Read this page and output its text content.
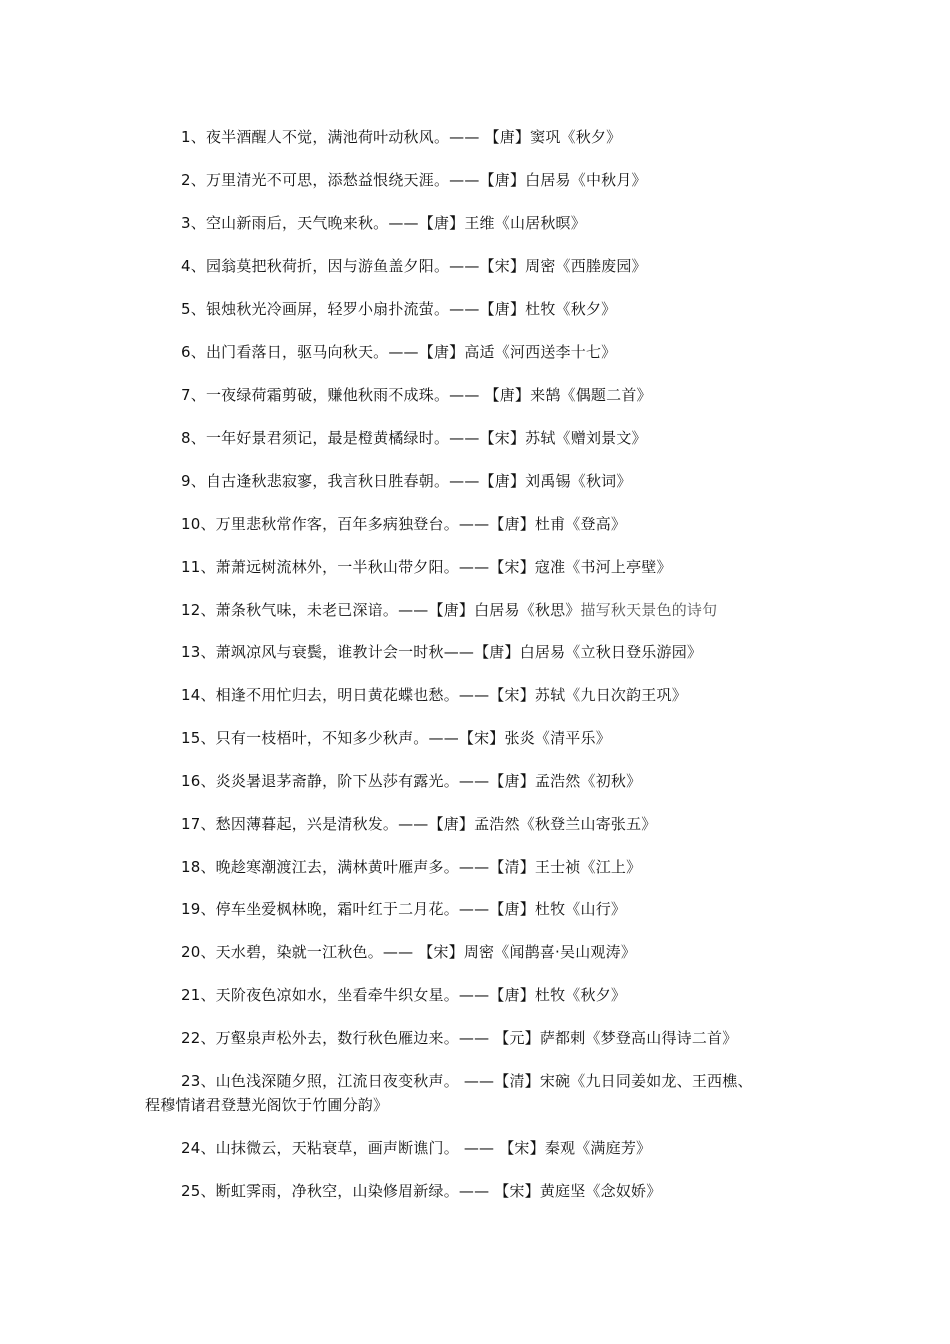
1、夜半酒醒人不觉，满池荷叶动秋风。—— 【唐】窦巩《秋夕》
2、万里清光不可思，添愁益恨绕天涯。——【唐】白居易《中秋月》
3、空山新雨后，天气晚来秋。——【唐】王维《山居秋暝》
4、园翁莫把秋荷折，因与游鱼盖夕阳。——【宋】周密《西塍废园》
5、银烛秋光冷画屏，轻罗小扇扑流萤。——【唐】杜牧《秋夕》
6、出门看落日，驱马向秋天。——【唐】高适《河西送李十七》
7、一夜绿荷霜剪破，赚他秋雨不成珠。—— 【唐】来鹄《偶题二首》
8、一年好景君须记，最是橙黄橘绿时。——【宋】苏轼《赠刘景文》
9、自古逢秋悲寂寥，我言秋日胜春朝。——【唐】刘禹锡《秋词》
10、万里悲秋常作客，百年多病独登台。——【唐】杜甫《登高》
11、萧萧远树流林外，一半秋山带夕阳。——【宋】寇准《书河上亭壁》
12、萧条秋气味，未老已深谙。——【唐】白居易《秋思》描写秋天景色的诗句
13、萧飒凉风与衰鬓，谁教计会一时秋——【唐】白居易《立秋日登乐游园》
14、相逢不用忙归去，明日黄花蝶也愁。——【宋】苏轼《九日次韵王巩》
15、只有一枝梧叶，不知多少秋声。——【宋】张炎《清平乐》
16、炎炎暑退茅斋静，阶下丛莎有露光。——【唐】孟浩然《初秋》
17、愁因薄暮起，兴是清秋发。——【唐】孟浩然《秋登兰山寄张五》
18、晚趁寒潮渡江去，满林黄叶雁声多。——【清】王士祯《江上》
19、停车坐爱枫林晚，霜叶红于二月花。——【唐】杜牧《山行》
20、天水碧，染就一江秋色。—— 【宋】周密《闻鹊喜·吴山观涛》
21、天阶夜色凉如水，坐看牵牛织女星。——【唐】杜牧《秋夕》
22、万壑泉声松外去，数行秋色雁边来。—— 【元】萨都剌《梦登高山得诗二首》
23、山色浅深随夕照，江流日夜变秋声。 ——【清】宋碗《九日同姜如龙、王西樵、
程穆情诸君登慧光阁饮于竹圃分韵》
24、山抹微云，天粘衰草，画声断谯门。 —— 【宋】秦观《满庭芳》
25、断虹霁雨，净秋空，山染修眉新绿。—— 【宋】黄庭坚《念奴娇》
